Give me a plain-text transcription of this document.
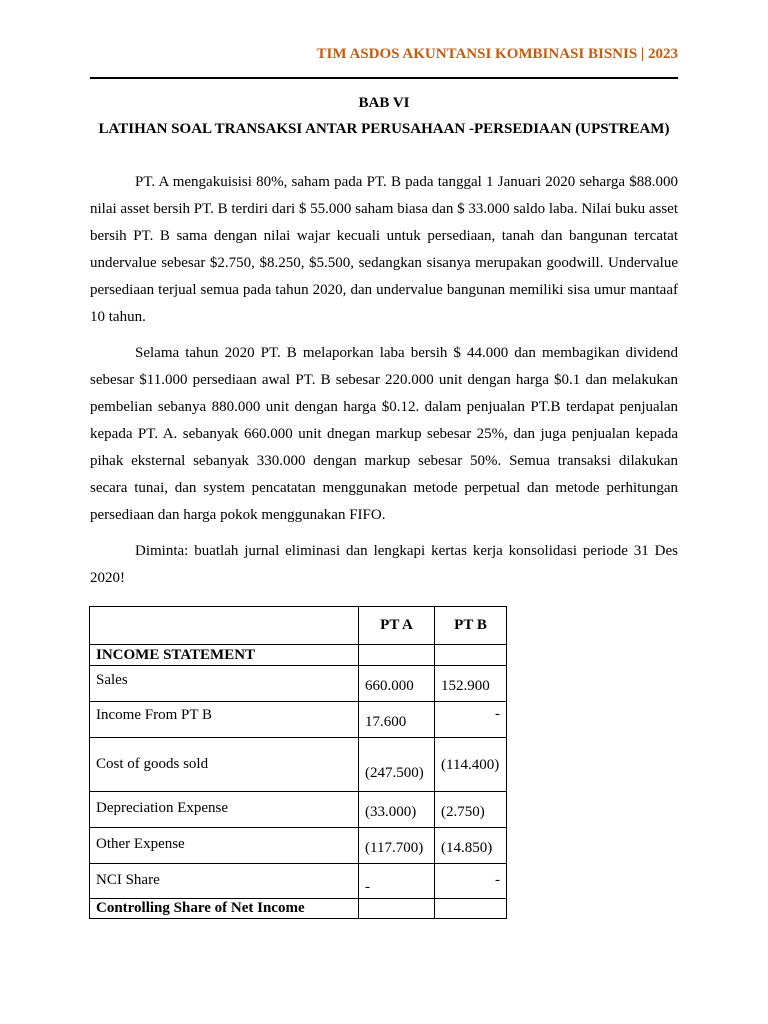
TIM ASDOS AKUNTANSI KOMBINASI BISNIS | 2023
BAB VI
LATIHAN SOAL TRANSAKSI ANTAR PERUSAHAAN -PERSEDIAAN (UPSTREAM)

PT. A mengakuisisi 80%, saham pada PT. B pada tanggal 1 Januari 2020 seharga $88.000 nilai asset bersih PT. B terdiri dari $ 55.000 saham biasa dan $ 33.000 saldo laba. Nilai buku asset bersih PT. B sama dengan nilai wajar kecuali untuk persediaan, tanah dan bangunan tercatat undervalue sebesar $2.750, $8.250, $5.500, sedangkan sisanya merupakan goodwill. Undervalue persediaan terjual semua pada tahun 2020, dan undervalue bangunan memiliki sisa umur mantaaf 10 tahun.

Selama tahun 2020 PT. B melaporkan laba bersih $ 44.000 dan membagikan dividend sebesar $11.000 persediaan awal PT. B sebesar 220.000 unit dengan harga $0.1 dan melakukan pembelian sebanya 880.000 unit dengan harga $0.12. dalam penjualan PT.B terdapat penjualan kepada PT. A. sebanyak 660.000 unit dnegan markup sebesar 25%, dan juga penjualan kepada pihak eksternal sebanyak 330.000 dengan markup sebesar 50%. Semua transaksi dilakukan secara tunai, dan system pencatatan menggunakan metode perpetual dan metode perhitungan persediaan dan harga pokok menggunakan FIFO.

Diminta: buatlah jurnal eliminasi dan lengkapi kertas kerja konsolidasi periode 31 Des 2020!

	PT A	PT B
INCOME STATEMENT		
Sales	660.000	152.900
Income From PT B	17.600	-
Cost of goods sold	(247.500)	(114.400)
Depreciation Expense	(33.000)	(2.750)
Other Expense	(117.700)	(14.850)
NCI Share	-	-
Controlling Share of Net Income		
